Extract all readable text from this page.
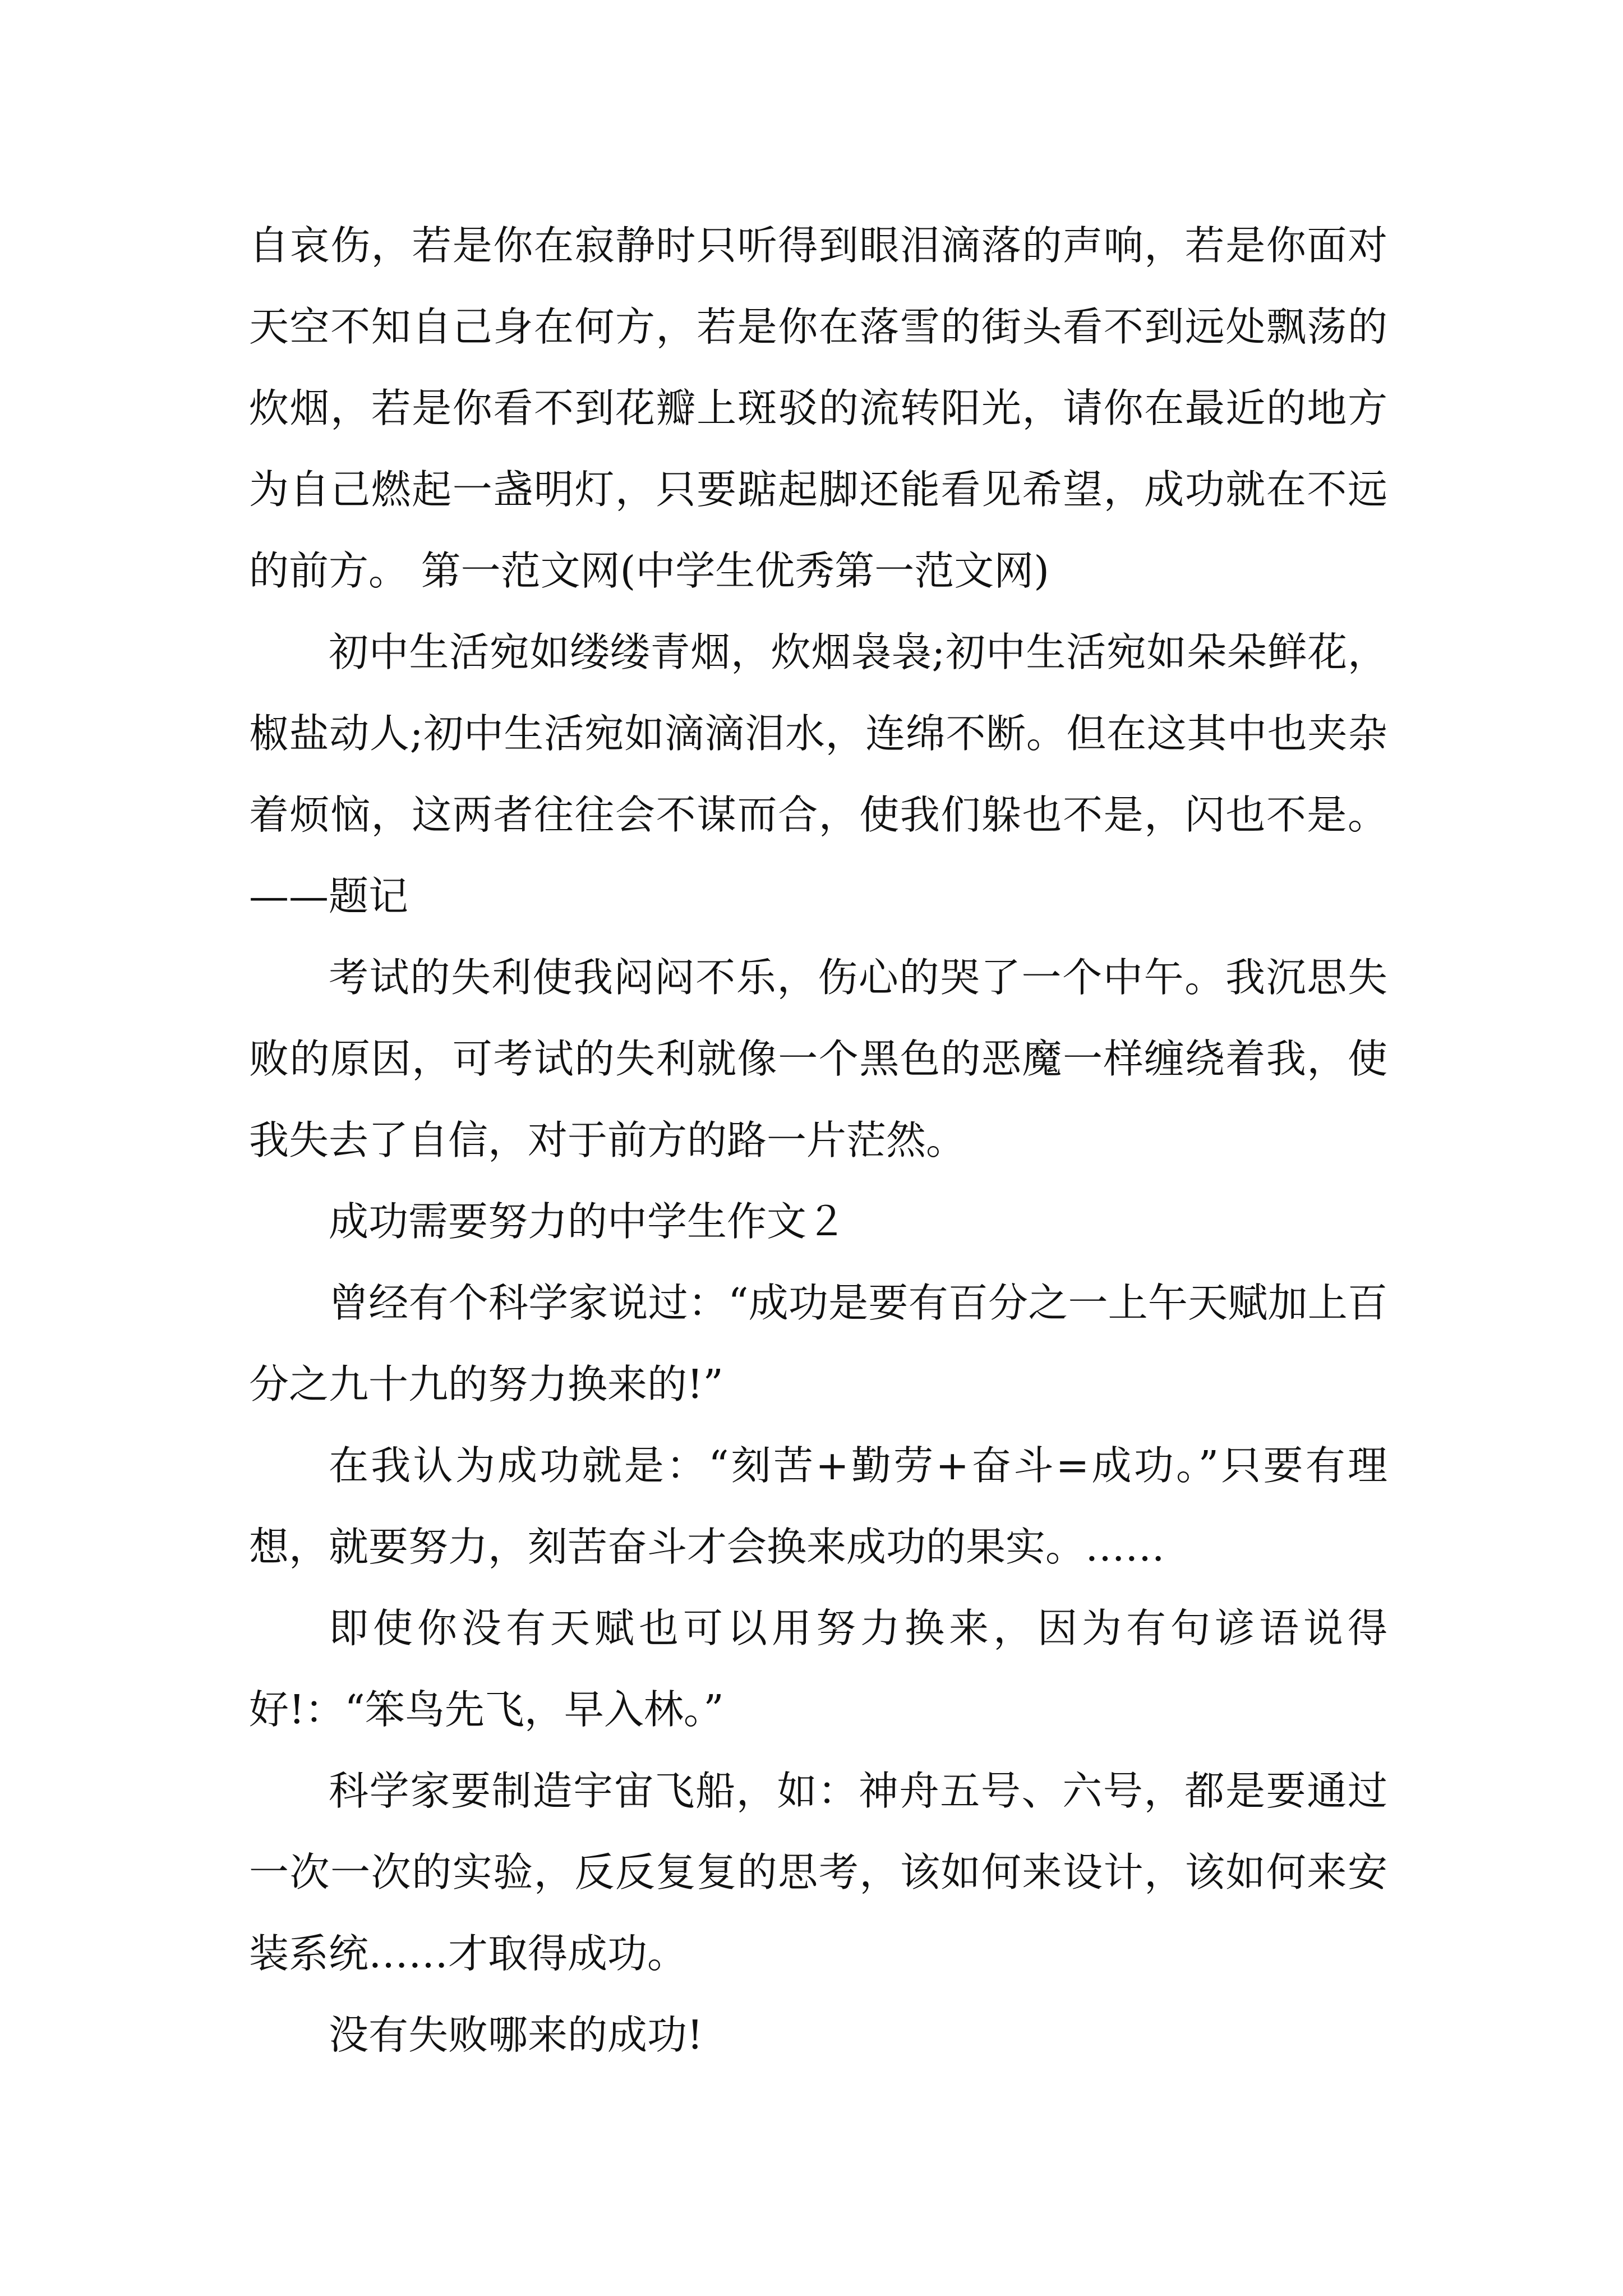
自哀伤，若是你在寂静时只听得到眼泪滴落的声响，若是你面对天空不知自己身在何方，若是你在落雪的街头看不到远处飘荡的炊烟，若是你看不到花瓣上斑驳的流转阳光，请你在最近的地方为自己燃起一盏明灯，只要踮起脚还能看见希望，成功就在不远的前方。 第一范文网(中学生优秀第一范文网)

初中生活宛如缕缕青烟，炊烟袅袅;初中生活宛如朵朵鲜花，椒盐动人;初中生活宛如滴滴泪水，连绵不断。但在这其中也夹杂着烦恼，这两者往往会不谋而合，使我们躲也不是，闪也不是。——题记

考试的失利使我闷闷不乐，伤心的哭了一个中午。我沉思失败的原因，可考试的失利就像一个黑色的恶魔一样缠绕着我，使我失去了自信，对于前方的路一片茫然。

成功需要努力的中学生作文２

曾经有个科学家说过：“成功是要有百分之一上午天赋加上百分之九十九的努力换来的!”

在我认为成功就是：“刻苦+勤劳+奋斗=成功。”只要有理想，就要努力，刻苦奋斗才会换来成功的果实。……

即使你没有天赋也可以用努力换来，因为有句谚语说得好!：“笨鸟先飞，早入林。”

科学家要制造宇宙飞船，如：神舟五号、六号，都是要通过一次一次的实验，反反复复的思考，该如何来设计，该如何来安装系统……才取得成功。

没有失败哪来的成功!
